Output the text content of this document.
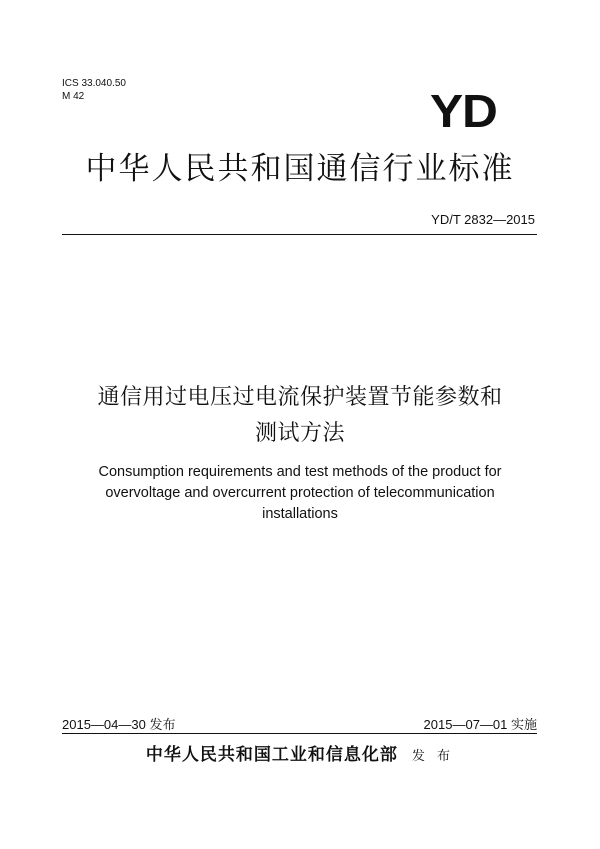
ICS 33.040.50
M 42	YD
中华人民共和国通信行业标准
YD/T 2832—2015
通信用过电压过电流保护装置节能参数和
测试方法
Consumption requirements and test methods of the product for
overvoltage and overcurrent protection of telecommunication
installations
2015—04—30 发布	2015—07—01 实施
中华人民共和国工业和信息化部 发 布
